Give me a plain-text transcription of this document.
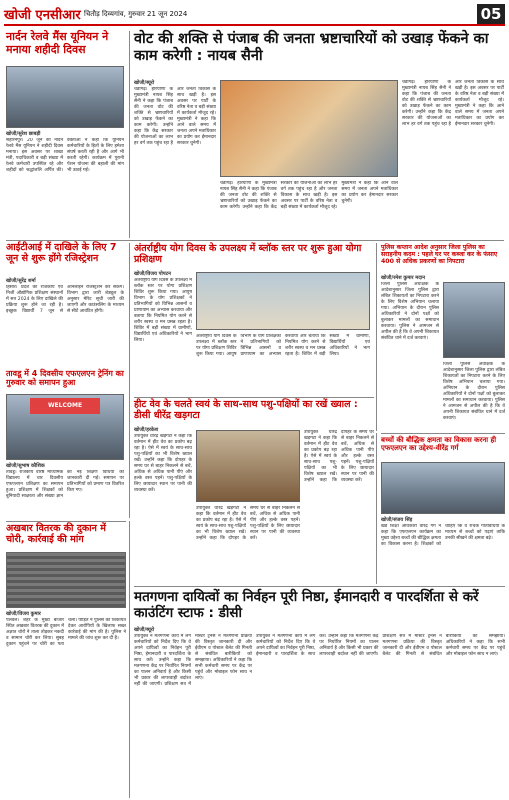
खोजी एनसीआर चितौड़ दिव्यगांव, गुरुवार 21 जून 2024	05
नार्दन रेलवे मैंस यूनियन ने मनाया शहीदी दिवस
खोजी/सुरेश छाबड़ी
सहारनपुर। 20 जून को नार्दन रेलवे मैंस यूनियन ने शहीदी दिवस मनाया। इस अवसर पर शाखा मंत्री, पदाधिकारी व बड़ी संख्या में रेलवे कर्मचारी उपस्थित रहे और शहीदों को श्रद्धांजलि अर्पित की। वक्ताओं ने कहा कि यूनियन कर्मचारियों के हितों के लिए हमेशा संघर्ष करती रही है और आगे भी करती रहेगी। कार्यक्रम में पुरानी पेंशन योजना की बहाली की मांग भी उठाई गई।
वोट की शक्ति से पंजाब की जनता भ्रष्टाचारियों को उखाड़ फेंकने का काम करेगी : नायब सैनी
खोजी/ब्यूरो
चंडीगढ़। हरियाणा के मुख्यमंत्री नायब सिंह सैनी ने कहा कि पंजाब की जनता वोट की शक्ति से भ्रष्टाचारियों को उखाड़ फेंकने का काम करेगी। उन्होंने कहा कि केंद्र सरकार की योजनाओं का लाभ हर वर्ग तक पहुंच रहा है और जनता विकास के साथ खड़ी है। इस अवसर पर पार्टी के वरिष्ठ नेता व बड़ी संख्या में कार्यकर्ता मौजूद रहे। मुख्यमंत्री ने कहा कि आने वाले समय में जनता अपने मताधिकार का प्रयोग कर ईमानदार सरकार चुनेगी।
चंडीगढ़। हरियाणा के मुख्यमंत्री नायब सिंह सैनी ने कहा कि पंजाब की जनता वोट की शक्ति से भ्रष्टाचारियों को उखाड़ फेंकने का काम करेगी। उन्होंने कहा कि केंद्र सरकार की योजनाओं का लाभ हर वर्ग तक पहुंच रहा है और जनता विकास के साथ खड़ी है। इस अवसर पर पार्टी के वरिष्ठ नेता व बड़ी संख्या में कार्यकर्ता मौजूद रहे। मुख्यमंत्री ने कहा कि आने वाले समय में जनता अपने मताधिकार का प्रयोग कर ईमानदार सरकार चुनेगी।
चंडीगढ़। हरियाणा के मुख्यमंत्री नायब सिंह सैनी ने कहा कि पंजाब की जनता वोट की शक्ति से भ्रष्टाचारियों को उखाड़ फेंकने का काम करेगी। उन्होंने कहा कि केंद्र सरकार की योजनाओं का लाभ हर वर्ग तक पहुंच रहा है और जनता विकास के साथ खड़ी है। इस अवसर पर पार्टी के वरिष्ठ नेता व बड़ी संख्या में कार्यकर्ता मौजूद रहे। मुख्यमंत्री ने कहा कि आने वाले समय में जनता अपने मताधिकार का प्रयोग कर ईमानदार सरकार चुनेगी।
आईटीआई में दाखिले के लिए 7 जून से शुरू होंगे रजिस्ट्रेशन
खोजी/सुरेंद्र शर्मा
हिसार। प्रदेश की राजकीय एवं निजी औद्योगिक प्रशिक्षण संस्थानों में सत्र 2024 के लिए दाखिले की प्रक्रिया शुरू होने जा रही है। इच्छुक विद्यार्थी 7 जून से ऑनलाइन रजिस्ट्रेशन कर सकेंगे। विभाग द्वारा जारी शेड्यूल के अनुसार मेरिट सूची जारी की जाएगी और काउंसलिंग के माध्यम से सीटें आवंटित होंगी।
तावडू में 4 दिवसीय एफएलएन ट्रेनिंग का गुरुवार को समापन हुआ
खोजी/सुभाष कौशिक
तावडू। राजकीय वरिष्ठ माध्यमिक विद्यालय में चार दिवसीय एफएलएन प्रशिक्षण का समापन हुआ। प्रशिक्षण में शिक्षकों को बुनियादी साक्षरता और संख्या ज्ञान की नई शिक्षण विधियों की जानकारी दी गई। समापन पर प्रतिभागियों को प्रमाण पत्र वितरित किए गए।
अंतर्राष्ट्रीय योग दिवस के उपलक्ष्य में ब्लॉक स्तर पर शुरू हुआ योगा प्रशिक्षण
खोजी/विजय पोपटन
अंतर्राष्ट्रीय योग दिवस के उपलक्ष्य में ब्लॉक स्तर पर योगा प्रशिक्षण शिविर शुरू किया गया। आयुष विभाग के योग प्रशिक्षकों ने प्रतिभागियों को विभिन्न आसनों व प्राणायाम का अभ्यास करवाया और बताया कि नियमित योग करने से शरीर स्वस्थ व मन प्रसन्न रहता है। शिविर में बड़ी संख्या में ग्रामीणों, विद्यार्थियों एवं अधिकारियों ने भाग लिया।
अंतर्राष्ट्रीय योग दिवस के उपलक्ष्य में ब्लॉक स्तर पर योगा प्रशिक्षण शिविर शुरू किया गया। आयुष विभाग के योग प्रशिक्षकों ने प्रतिभागियों को विभिन्न आसनों व प्राणायाम का अभ्यास करवाया और बताया कि नियमित योग करने से शरीर स्वस्थ व मन प्रसन्न रहता है। शिविर में बड़ी संख्या में ग्रामीणों, विद्यार्थियों एवं अधिकारियों ने भाग लिया।
पुलिस कप्तान आदेश अनुसार जिला पुलिस का सराहनीय कदम : पहले घर पर कब्जा कर के फंसाए 400 से अधिक प्रकरणों का निपटारा
खोजी/रमेश कुमार मदान
जिला पुलिस अधीक्षक के आदेशानुसार जिला पुलिस द्वारा लंबित शिकायतों का निपटारा करने के लिए विशेष अभियान चलाया गया। अभियान के दौरान पुलिस अधिकारियों ने दोनों पक्षों को बुलाकर मामलों का समाधान करवाया। पुलिस ने आमजन से अपील की है कि वे अपनी शिकायत संबंधित थाने में दर्ज करवाएं।
जिला पुलिस अधीक्षक के आदेशानुसार जिला पुलिस द्वारा लंबित शिकायतों का निपटारा करने के लिए विशेष अभियान चलाया गया। अभियान के दौरान पुलिस अधिकारियों ने दोनों पक्षों को बुलाकर मामलों का समाधान करवाया। पुलिस ने आमजन से अपील की है कि वे अपनी शिकायत संबंधित थाने में दर्ज करवाएं।
हीट वेव के चलते स्वयं के साथ-साथ पशु-पक्षियों का रखें ख्याल : डीसी धीरेंद्र खड़गटा
खोजी/हरकेश
उपायुक्त धीरेंद्र खड़गटा ने कहा कि वर्तमान में हीट वेव का प्रकोप बढ़ रहा है। ऐसे में स्वयं के साथ-साथ पशु-पक्षियों का भी विशेष ख्याल रखें। उन्होंने कहा कि दोपहर के समय घर से बाहर निकलने से बचें, अधिक से अधिक पानी पीएं और हल्के वस्त्र पहनें। पशु-पक्षियों के लिए छायादार स्थान पर पानी की व्यवस्था करें।
उपायुक्त धीरेंद्र खड़गटा ने कहा कि वर्तमान में हीट वेव का प्रकोप बढ़ रहा है। ऐसे में स्वयं के साथ-साथ पशु-पक्षियों का भी विशेष ख्याल रखें। उन्होंने कहा कि दोपहर के समय घर से बाहर निकलने से बचें, अधिक से अधिक पानी पीएं और हल्के वस्त्र पहनें। पशु-पक्षियों के लिए छायादार स्थान पर पानी की व्यवस्था करें।
उपायुक्त धीरेंद्र खड़गटा ने कहा कि वर्तमान में हीट वेव का प्रकोप बढ़ रहा है। ऐसे में स्वयं के साथ-साथ पशु-पक्षियों का भी विशेष ख्याल रखें। उन्होंने कहा कि दोपहर के समय घर से बाहर निकलने से बचें, अधिक से अधिक पानी पीएं और हल्के वस्त्र पहनें। पशु-पक्षियों के लिए छायादार स्थान पर पानी की व्यवस्था करें।
WELCOME
अखबार वितरक की दुकान में चोरी, कार्रवाई की मांग
खोजी/विजय कुमार
पलवल। शहर के मुख्य बाजार स्थित अखबार वितरक की दुकान में अज्ञात चोरों ने ताला तोड़कर नकदी व सामान चोरी कर लिया। सुबह दुकान पहुंचने पर चोरी का पता चला। पीड़ित ने पुलिस को शिकायत देकर आरोपियों के खिलाफ सख्त कार्रवाई की मांग की है। पुलिस ने मामले की जांच शुरू कर दी है।
बच्चों की बौद्धिक क्षमता का विकास करना ही एफएलएन का उद्देश्य-वीरेंद्र गर्ग
खोजी/संजय सिंह
खंड शिक्षा अधिकारी वीरेंद्र गर्ग ने कहा कि एफएलएन कार्यक्रम का मुख्य उद्देश्य बच्चों की बौद्धिक क्षमता का विकास करना है। शिक्षकों को चाहिए कि वे रोचक गतिविधियों के माध्यम से बच्चों को पढ़ाएं ताकि उनकी सीखने की क्षमता बढ़े।
मतगणना दायित्वों का निर्वहन पूरी निष्ठा, ईमानदारी व पारदर्शिता से करें काउंटिंग स्टाफ : डीसी
खोजी/ब्यूरो
उपायुक्त ने मतगणना कार्य में लगे कर्मचारियों को निर्देश दिए कि वे अपने दायित्वों का निर्वहन पूरी निष्ठा, ईमानदारी व पारदर्शिता के साथ करें। उन्होंने कहा कि मतगणना केंद्र पर निर्धारित नियमों का पालन अनिवार्य है और किसी भी प्रकार की लापरवाही बर्दाश्त नहीं की जाएगी। प्रशिक्षण सत्र में मास्टर ट्रेनर्स ने मतगणना प्रक्रिया की विस्तृत जानकारी दी और ईवीएम व पोस्टल बैलेट की गिनती से संबंधित बारीकियों को समझाया। अधिकारियों ने कहा कि सभी कर्मचारी समय पर केंद्र पर पहुंचें और मोबाइल फोन साथ न लाएं।
उपायुक्त ने मतगणना कार्य में लगे कर्मचारियों को निर्देश दिए कि वे अपने दायित्वों का निर्वहन पूरी निष्ठा, ईमानदारी व पारदर्शिता के साथ करें। उन्होंने कहा कि मतगणना केंद्र पर निर्धारित नियमों का पालन अनिवार्य है और किसी भी प्रकार की लापरवाही बर्दाश्त नहीं की जाएगी। प्रशिक्षण सत्र में मास्टर ट्रेनर्स ने मतगणना प्रक्रिया की विस्तृत जानकारी दी और ईवीएम व पोस्टल बैलेट की गिनती से संबंधित बारीकियों को समझाया। अधिकारियों ने कहा कि सभी कर्मचारी समय पर केंद्र पर पहुंचें और मोबाइल फोन साथ न लाएं।
